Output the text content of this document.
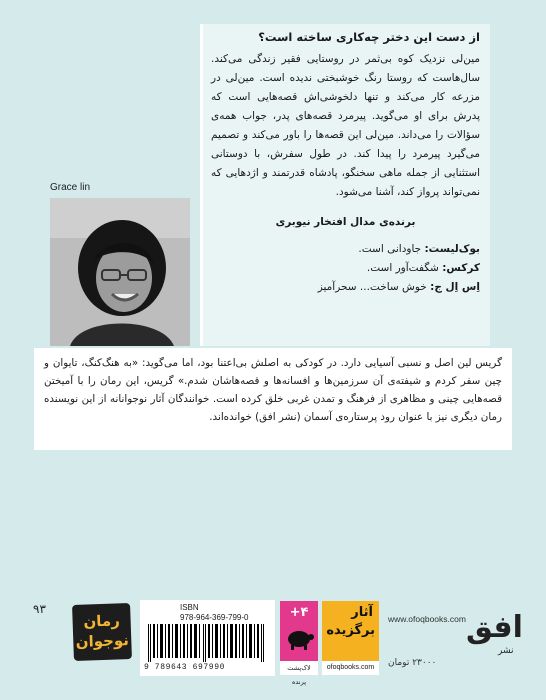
از دست این دختر چه‌کاری ساخته است؟
مین‌لی نزدیک کوه بی‌ثمر در روستایی فقیر زندگی می‌کند. سال‌هاست که روستا رنگ خوشبختی ندیده است. مین‌لی در مزرعه کار می‌کند و تنها دلخوشی‌اش قصه‌هایی است که پدرش برای او می‌گوید. پیرمرد قصه‌های پدر، جواب همه‌ی سؤالات را می‌داند. مین‌لی این قصه‌ها را باور می‌کند و تصمیم می‌گیرد پیرمرد را پیدا کند. در طول سفرش، با دوستانی استثنایی از جمله ماهی سخنگو، پادشاه قدرتمند و اژدهایی که نمی‌تواند پرواز کند، آشنا می‌شود.
برنده‌ی مدال افتخار نیوبری
بوک‌لیست: جاودانی است.
کرکس: شگفت‌آور است.
اِس اِل ج: خوش ساخت... سحرآمیز
Grace lin
گریس لین اصل و نسبی آسیایی دارد. در کودکی به اصلش بی‌اعتنا بود، اما می‌گوید: «به هنگ‌کنگ، تایوان و چین سفر کردم و شیفته‌ی آن سرزمین‌ها و افسانه‌ها و قصه‌هاشان شدم.» گریس، این رمان را با آمیختن قصه‌هایی چینی و مظاهری از فرهنگ و تمدن غربی خلق کرده است. خوانندگان آثار نوجوانانه از این نویسنده رمان دیگری نیز با عنوان رود پرستاره‌ی آسمان (نشر افق) خوانده‌اند.
۹۳
رمان
نوجوان
ISBN
978-964-369-799-0
9 789643 697990
+۴
لاک‌پشت پرنده
آثار
برگزیده
ofoqbooks.com
www.ofoqbooks.com
۲۳۰۰۰ تومان
افق
نشر
